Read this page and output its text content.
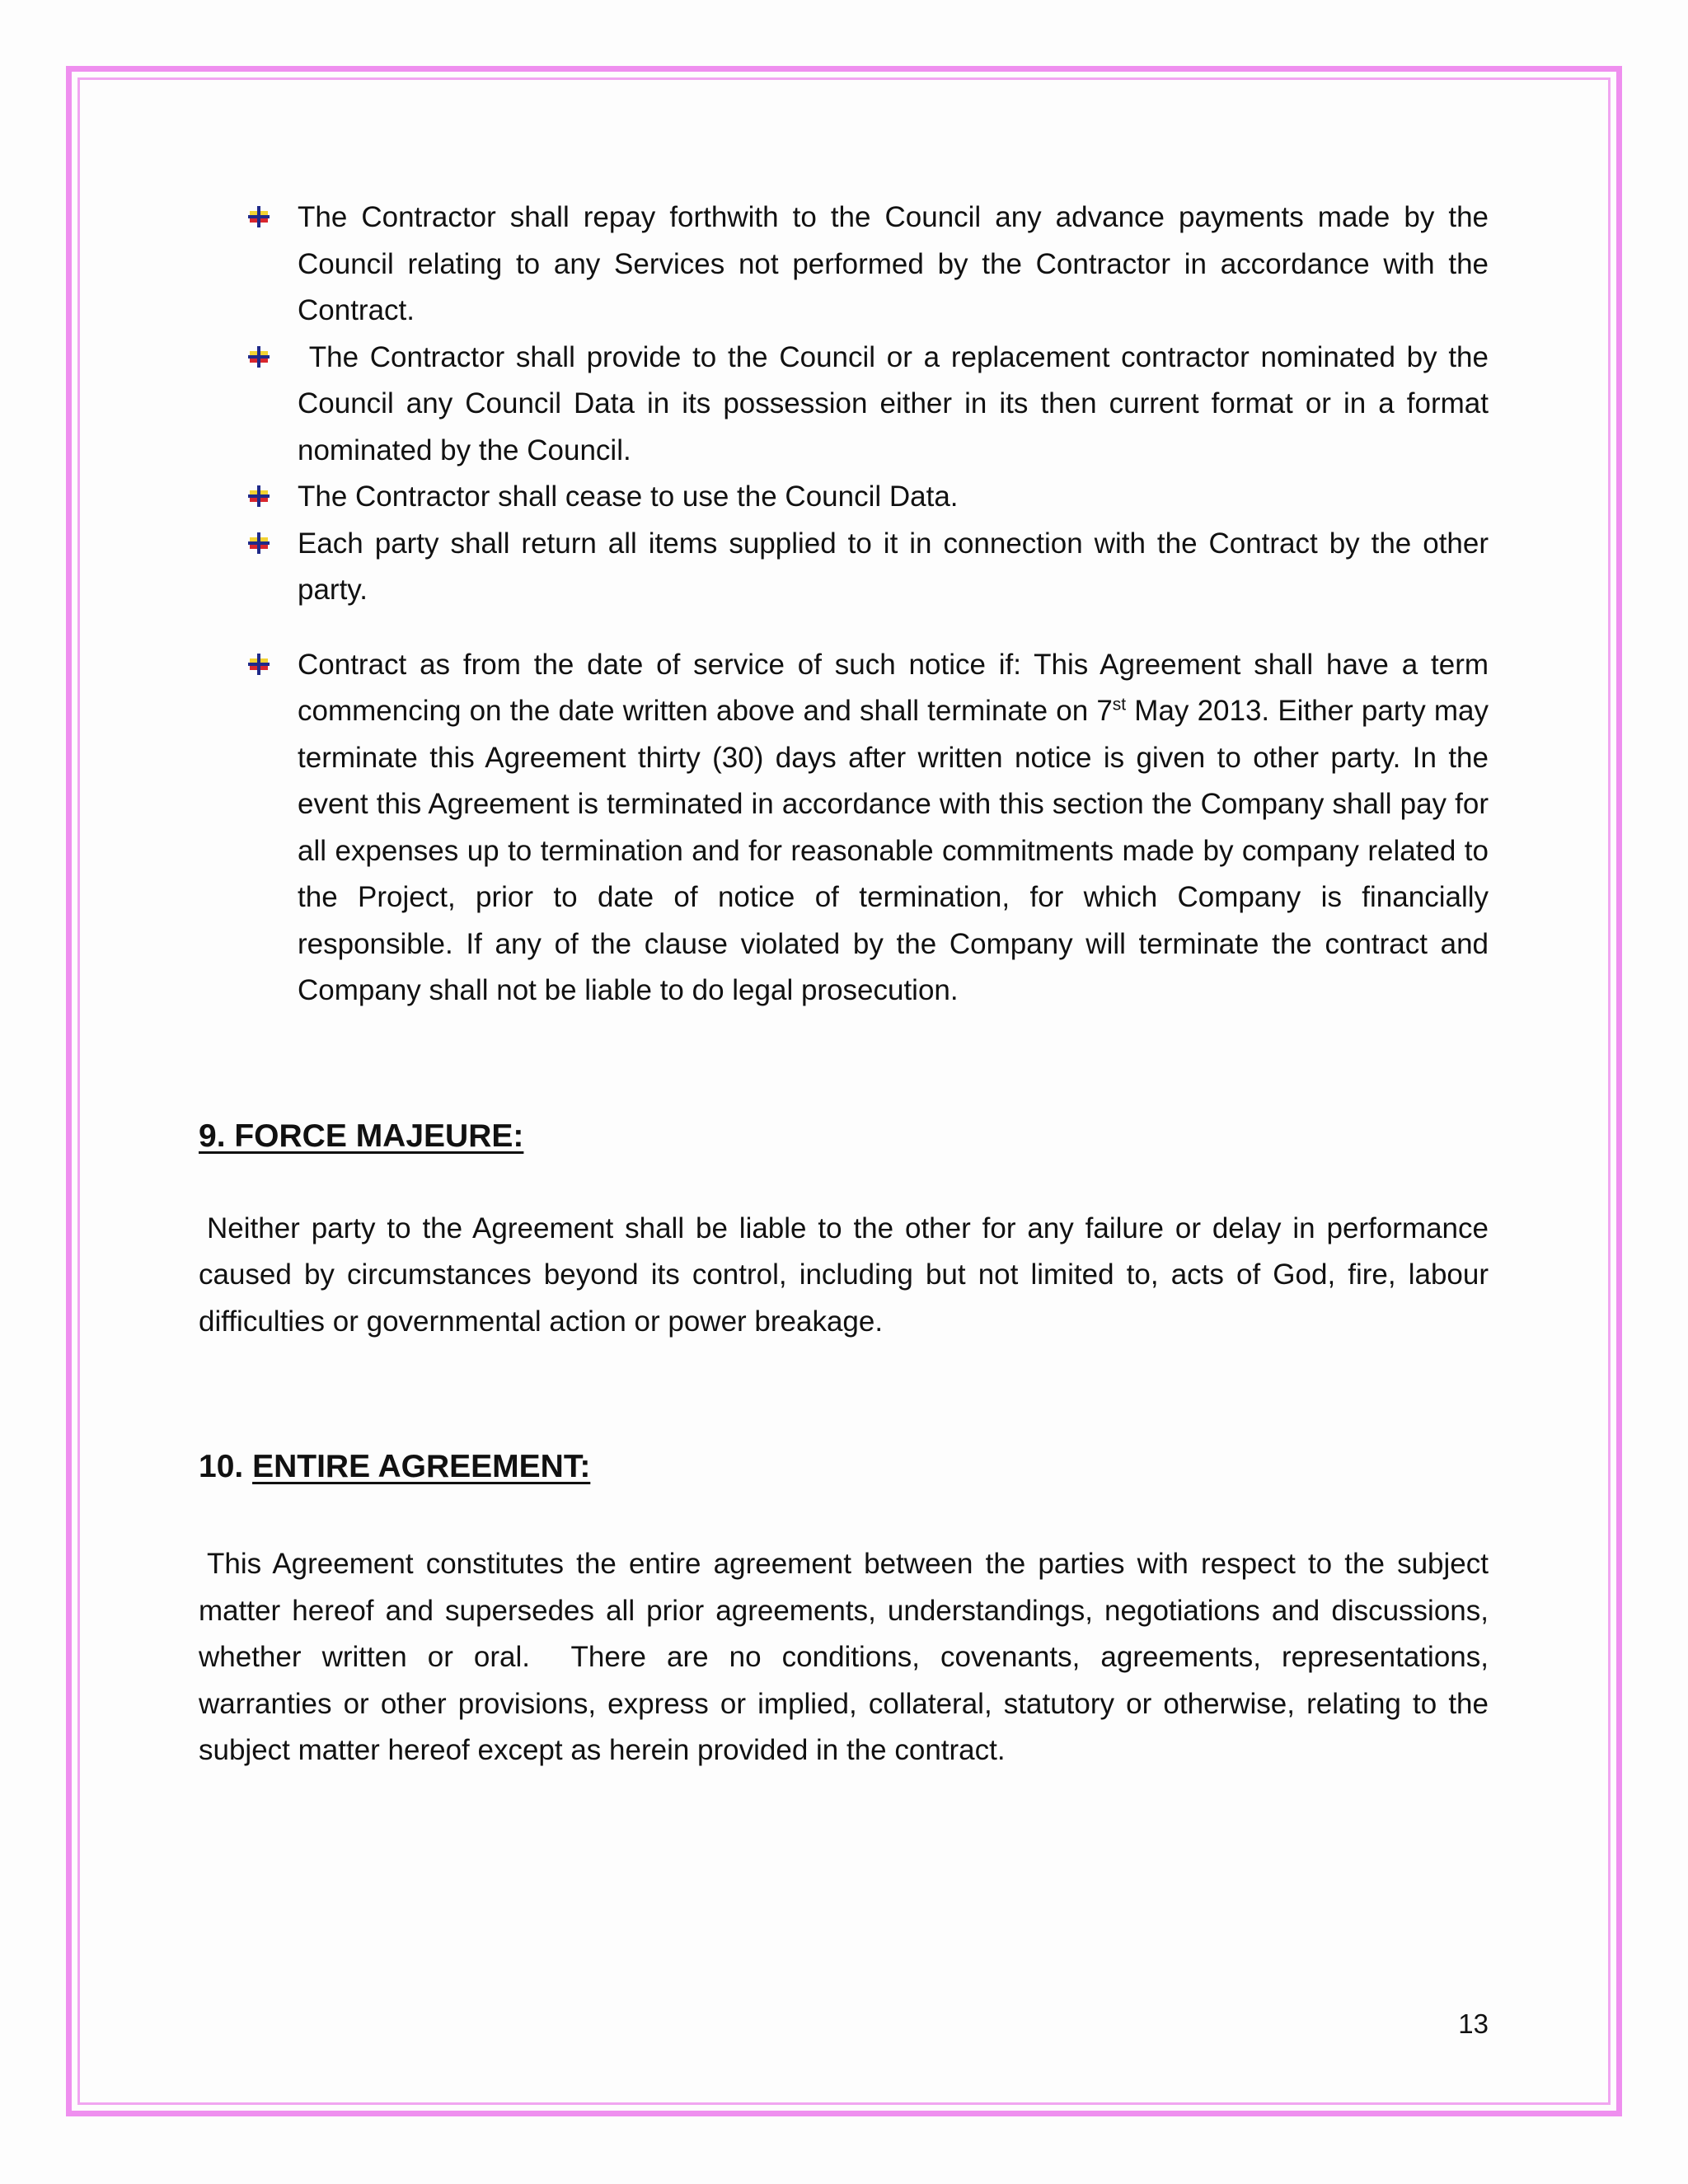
The Contractor shall repay forthwith to the Council any advance payments made by the Council relating to any Services not performed by the Contractor in accordance with the Contract.
The Contractor shall provide to the Council or a replacement contractor nominated by the Council any Council Data in its possession either in its then current format or in a format nominated by the Council.
The Contractor shall cease to use the Council Data.
Each party shall return all items supplied to it in connection with the Contract by the other party.
Contract as from the date of service of such notice if: This Agreement shall have a term commencing on the date written above and shall terminate on 7st May 2013. Either party may terminate this Agreement thirty (30) days after written notice is given to other party. In the event this Agreement is terminated in accordance with this section the Company shall pay for all expenses up to termination and for reasonable commitments made by company related to the Project, prior to date of notice of termination, for which Company is financially responsible. If any of the clause violated by the Company will terminate the contract and Company shall not be liable to do legal prosecution.
9. FORCE MAJEURE:

Neither party to the Agreement shall be liable to the other for any failure or delay in performance caused by circumstances beyond its control, including but not limited to, acts of God, fire, labour difficulties or governmental action or power breakage.

10. ENTIRE AGREEMENT:

This Agreement constitutes the entire agreement between the parties with respect to the subject matter hereof and supersedes all prior agreements, understandings, negotiations and discussions, whether written or oral.  There are no conditions, covenants, agreements, representations, warranties or other provisions, express or implied, collateral, statutory or otherwise, relating to the subject matter hereof except as herein provided in the contract.

13
